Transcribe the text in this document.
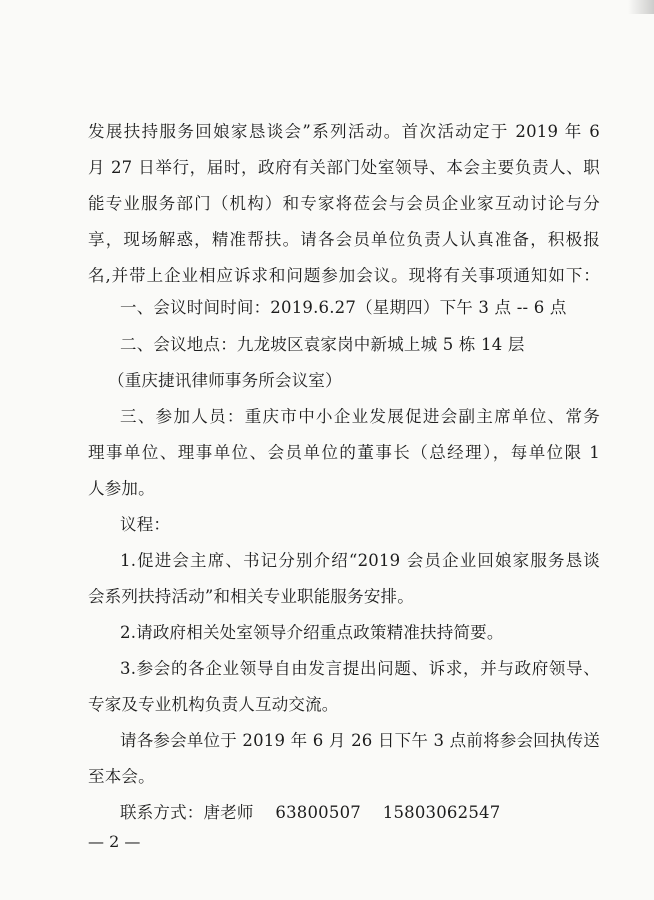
发展扶持服务回娘家恳谈会”系列活动。首次活动定于 2019 年 6
月 27 日举行，届时，政府有关部门处室领导、本会主要负责人、职
能专业服务部门（机构）和专家将莅会与会员企业家互动讨论与分
享，现场解惑，精准帮扶。请各会员单位负责人认真准备，积极报
名,并带上企业相应诉求和问题参加会议。现将有关事项通知如下：
一、会议时间时间：2019.6.27（星期四）下午 3 点 -- 6 点
二、会议地点：九龙坡区袁家岗中新城上城 5 栋 14 层
（重庆捷讯律师事务所会议室）
三、参加人员：重庆市中小企业发展促进会副主席单位、常务
理事单位、理事单位、会员单位的董事长（总经理），每单位限 1
人参加。
议程：
1.促进会主席、书记分别介绍“2019 会员企业回娘家服务恳谈
会系列扶持活动”和相关专业职能服务安排。
2.请政府相关处室领导介绍重点政策精准扶持简要。
3.参会的各企业领导自由发言提出问题、诉求，并与政府领导、
专家及专业机构负责人互动交流。
请各参会单位于 2019 年 6 月 26 日下午 3 点前将参会回执传送
至本会。
联系方式：唐老师    63800507    15803062547
— 2 —
